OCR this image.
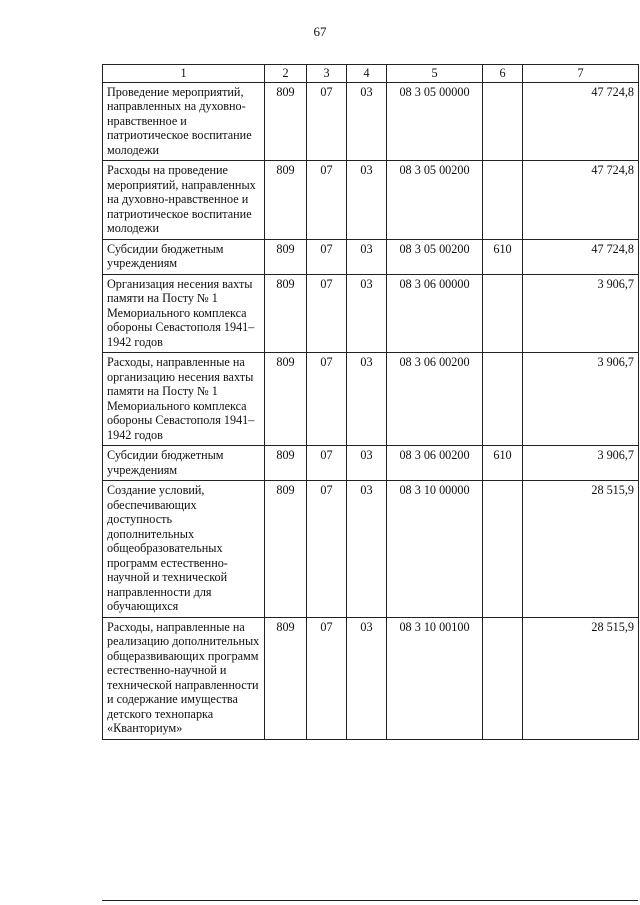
67
1	2	3	4	5	6	7
Проведение мероприятий, направленных на духовно-нравственное и патриотическое воспитание молодежи	809	07	03	08 3 05 00000		47 724,8
Расходы на проведение мероприятий, направленных на духовно-нравственное и патриотическое воспитание молодежи	809	07	03	08 3 05 00200		47 724,8
Субсидии бюджетным учреждениям	809	07	03	08 3 05 00200	610	47 724,8
Организация несения вахты памяти на Посту № 1 Мемориального комплекса обороны Севастополя 1941–1942 годов	809	07	03	08 3 06 00000		3 906,7
Расходы, направленные на организацию несения вахты памяти на Посту № 1 Мемориального комплекса обороны Севастополя 1941–1942 годов	809	07	03	08 3 06 00200		3 906,7
Субсидии бюджетным учреждениям	809	07	03	08 3 06 00200	610	3 906,7
Создание условий, обеспечивающих доступность дополнительных общеобразовательных программ естественно-научной и технической направленности для обучающихся	809	07	03	08 3 10 00000		28 515,9
Расходы, направленные на реализацию дополнительных общеразвивающих программ естественно-научной и технической направленности и содержание имущества детского технопарка «Кванториум»	809	07	03	08 3 10 00100		28 515,9
